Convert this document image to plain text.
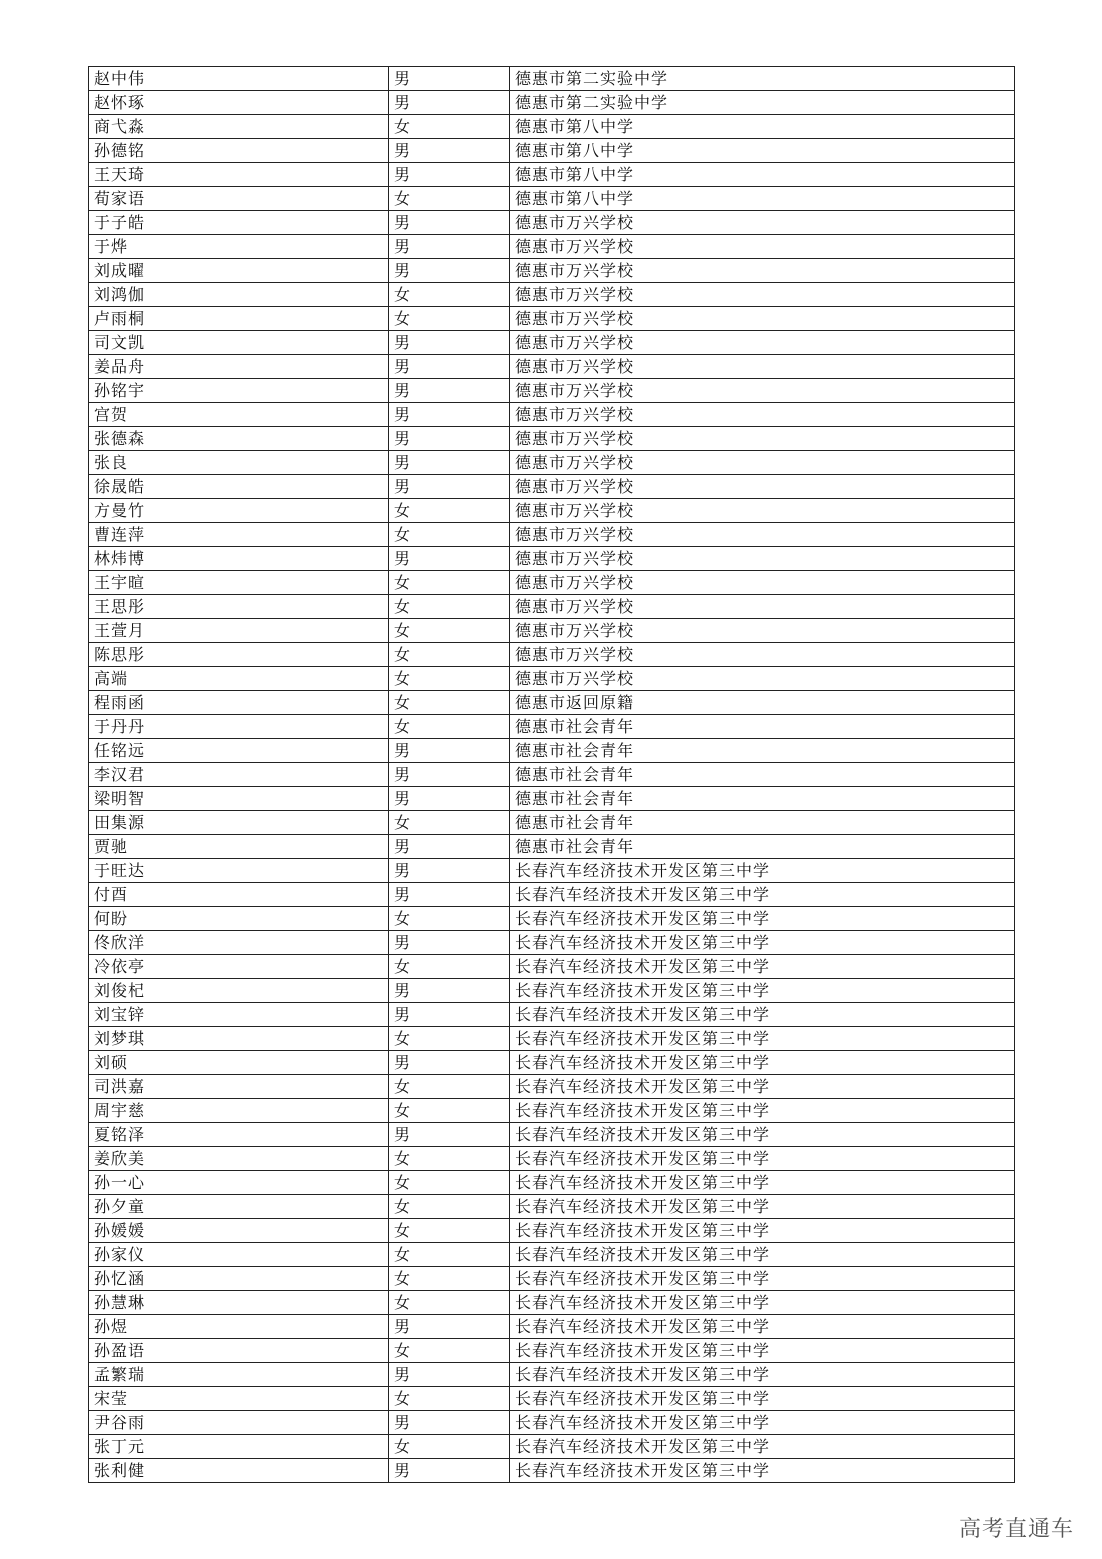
赵中伟	男	德惠市第二实验中学
赵怀琢	男	德惠市第二实验中学
商弋淼	女	德惠市第八中学
孙德铭	男	德惠市第八中学
王天琦	男	德惠市第八中学
荀家语	女	德惠市第八中学
于子皓	男	德惠市万兴学校
于烨	男	德惠市万兴学校
刘成曜	男	德惠市万兴学校
刘鸿伽	女	德惠市万兴学校
卢雨桐	女	德惠市万兴学校
司文凯	男	德惠市万兴学校
姜品舟	男	德惠市万兴学校
孙铭宇	男	德惠市万兴学校
宫贺	男	德惠市万兴学校
张德森	男	德惠市万兴学校
张良	男	德惠市万兴学校
徐晟皓	男	德惠市万兴学校
方曼竹	女	德惠市万兴学校
曹连萍	女	德惠市万兴学校
林炜博	男	德惠市万兴学校
王宇暄	女	德惠市万兴学校
王思彤	女	德惠市万兴学校
王萱月	女	德惠市万兴学校
陈思彤	女	德惠市万兴学校
高端	女	德惠市万兴学校
程雨函	女	德惠市返回原籍
于丹丹	女	德惠市社会青年
任铭远	男	德惠市社会青年
李汉君	男	德惠市社会青年
梁明智	男	德惠市社会青年
田集源	女	德惠市社会青年
贾驰	男	德惠市社会青年
于旺达	男	长春汽车经济技术开发区第三中学
付酉	男	长春汽车经济技术开发区第三中学
何盼	女	长春汽车经济技术开发区第三中学
佟欣洋	男	长春汽车经济技术开发区第三中学
冷依亭	女	长春汽车经济技术开发区第三中学
刘俊杞	男	长春汽车经济技术开发区第三中学
刘宝锌	男	长春汽车经济技术开发区第三中学
刘梦琪	女	长春汽车经济技术开发区第三中学
刘硕	男	长春汽车经济技术开发区第三中学
司洪嘉	女	长春汽车经济技术开发区第三中学
周宇慈	女	长春汽车经济技术开发区第三中学
夏铭泽	男	长春汽车经济技术开发区第三中学
姜欣美	女	长春汽车经济技术开发区第三中学
孙一心	女	长春汽车经济技术开发区第三中学
孙夕童	女	长春汽车经济技术开发区第三中学
孙媛媛	女	长春汽车经济技术开发区第三中学
孙家仪	女	长春汽车经济技术开发区第三中学
孙忆涵	女	长春汽车经济技术开发区第三中学
孙慧琳	女	长春汽车经济技术开发区第三中学
孙煜	男	长春汽车经济技术开发区第三中学
孙盈语	女	长春汽车经济技术开发区第三中学
孟繁瑞	男	长春汽车经济技术开发区第三中学
宋莹	女	长春汽车经济技术开发区第三中学
尹谷雨	男	长春汽车经济技术开发区第三中学
张丁元	女	长春汽车经济技术开发区第三中学
张利健	男	长春汽车经济技术开发区第三中学
高考直通车
